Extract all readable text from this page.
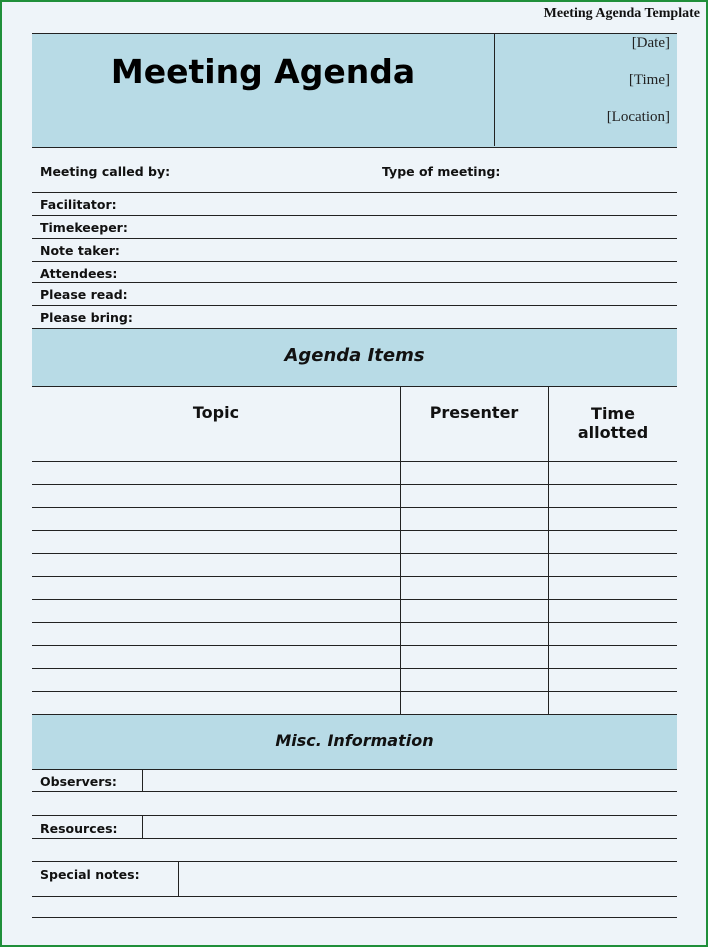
Meeting Agenda Template
Meeting Agenda
[Date]
[Time]
[Location]
Meeting called by:	Type of meeting:
Facilitator:
Timekeeper:
Note taker:
Attendees:
Please read:
Please bring:
Agenda Items
Topic	Presenter	Time allotted
Misc. Information
Observers:
Resources:
Special notes:
